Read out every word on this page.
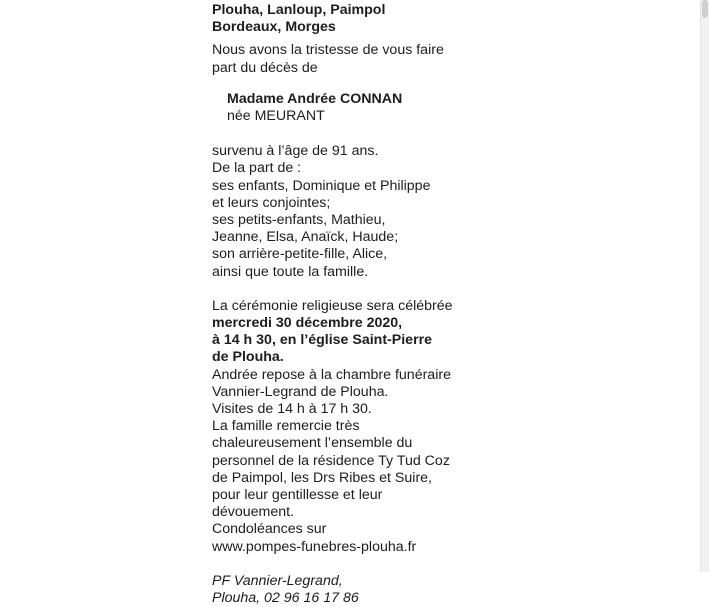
Plouha, Lanloup, Paimpol
Bordeaux, Morges
Nous avons la tristesse de vous faire
part du décès de
Madame Andrée CONNAN
née MEURANT
survenu à l’âge de 91 ans.
De la part de :
ses enfants, Dominique et Philippe
et leurs conjointes;
ses petits-enfants, Mathieu,
Jeanne, Elsa, Anaïck, Haude;
son arrière-petite-fille, Alice,
ainsi que toute la famille.
La cérémonie religieuse sera célébrée
mercredi 30 décembre 2020,
à 14 h 30, en l’église Saint-Pierre
de Plouha.
Andrée repose à la chambre funéraire
Vannier-Legrand de Plouha.
Visites de 14 h à 17 h 30.
La famille remercie très
chaleureusement l’ensemble du
personnel de la résidence Ty Tud Coz
de Paimpol, les Drs Ribes et Suire,
pour leur gentillesse et leur
dévouement.
Condoléances sur
www.pompes-funebres-plouha.fr
PF Vannier-Legrand,
Plouha, 02 96 16 17 86
